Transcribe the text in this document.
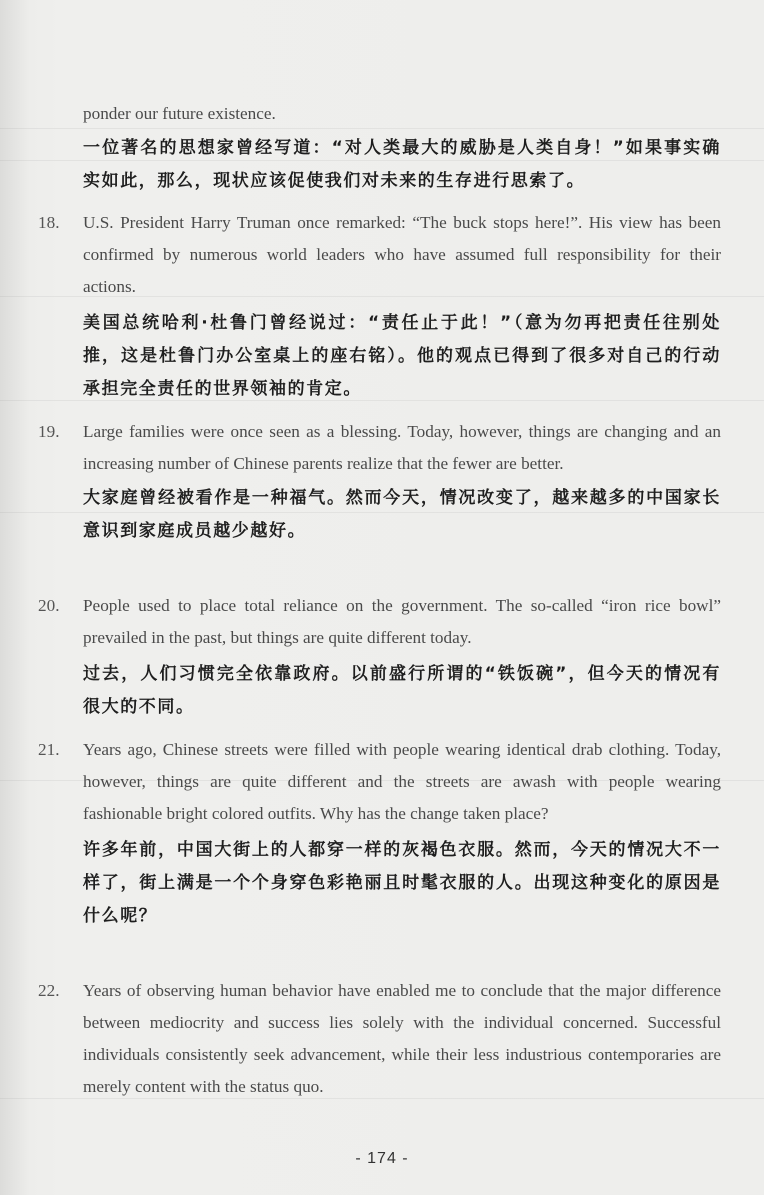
ponder our future existence.
一位著名的思想家曾经写道：“对人类最大的威胁是人类自身！”如果事实确实如此，那么，现状应该促使我们对未来的生存进行思索了。
18.	U.S. President Harry Truman once remarked: “The buck stops here!”. His view has been confirmed by numerous world leaders who have assumed full responsibility for their actions.
美国总统哈利·杜鲁门曾经说过：“责任止于此！”（意为勿再把责任往别处推，这是杜鲁门办公室桌上的座右铭）。他的观点已得到了很多对自己的行动承担完全责任的世界领袖的肯定。
19.	Large families were once seen as a blessing. Today, however, things are changing and an increasing number of Chinese parents realize that the fewer are better.
大家庭曾经被看作是一种福气。然而今天，情况改变了，越来越多的中国家长意识到家庭成员越少越好。
20.	People used to place total reliance on the government. The so-called “iron rice bowl” prevailed in the past, but things are quite different today.
过去，人们习惯完全依靠政府。以前盛行所谓的“铁饭碗”，但今天的情况有很大的不同。
21.	Years ago, Chinese streets were filled with people wearing identical drab clothing. Today, however, things are quite different and the streets are awash with people wearing fashionable bright colored outfits. Why has the change taken place?
许多年前，中国大街上的人都穿一样的灰褐色衣服。然而，今天的情况大不一样了，街上满是一个个身穿色彩艳丽且时髦衣服的人。出现这种变化的原因是什么呢？
22.	Years of observing human behavior have enabled me to conclude that the major difference between mediocrity and success lies solely with the individual concerned. Successful individuals consistently seek advancement, while their less industrious contemporaries are merely content with the status quo.
- 174 -
